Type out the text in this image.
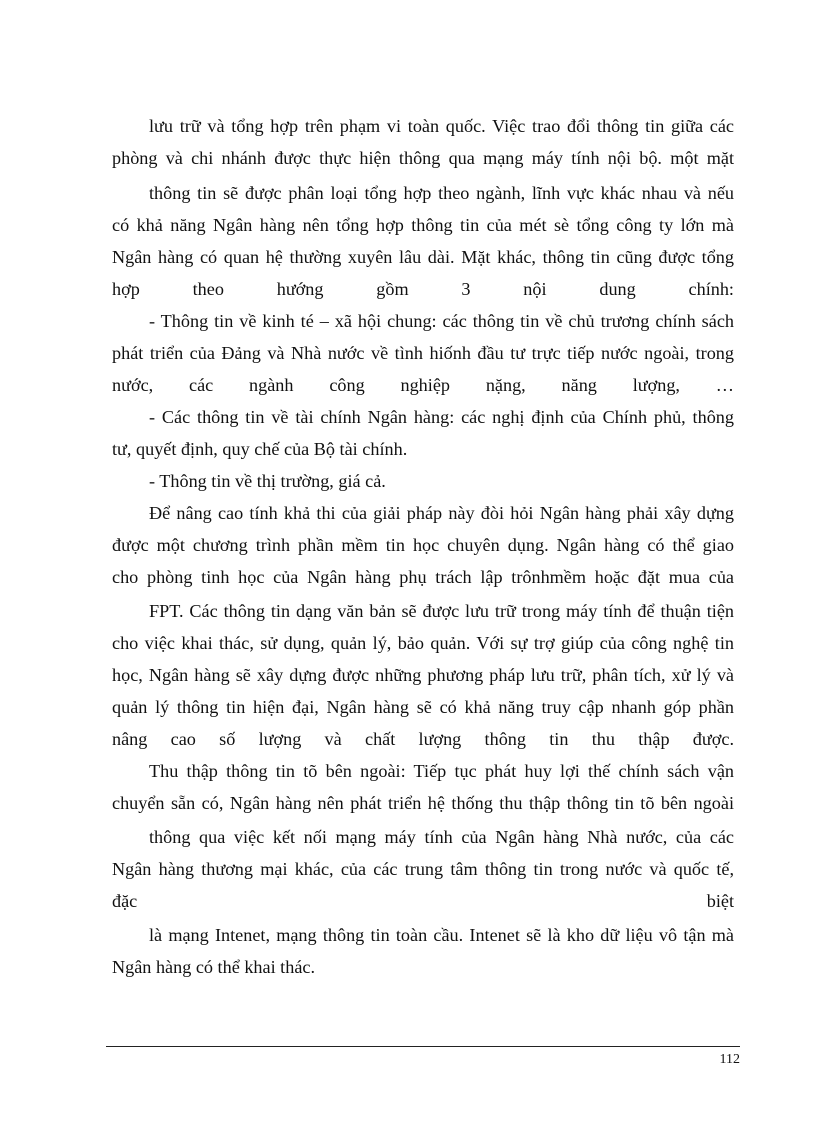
lưu trữ và tổng hợp trên phạm vi toàn quốc. Việc trao đổi thông tin giữa các
phòng và chi nhánh được thực hiện thông qua mạng máy tính nội bộ. một mặt
thông tin sẽ được phân loại tổng hợp theo ngành, lĩnh vực khác nhau và nếu
có khả năng Ngân hàng nên tổng hợp thông tin của mét sè tổng công ty lớn mà
Ngân hàng có quan hệ thường xuyên lâu dài. Mặt khác, thông tin cũng được tổng
hợp theo hướng gồm 3 nội dung chính:
- Thông tin về kinh té – xã hội chung: các thông tin về chủ trương chính sách
phát triển của Đảng và Nhà nước về tình hiốnh đầu tư trực tiếp nước ngoài, trong
nước, các ngành công nghiệp nặng, năng lượng, …
- Các thông tin về tài chính Ngân hàng: các nghị định của Chính phủ, thông
tư, quyết định, quy chế của Bộ tài chính.
- Thông tin về thị trường, giá cả.
Để nâng cao tính khả thi của giải pháp này đòi hỏi Ngân hàng phải xây dựng
được một chương trình phần mềm tin học chuyên dụng. Ngân hàng có thể giao
cho phòng tinh học của Ngân hàng phụ trách lập trônhmềm hoặc đặt mua của
FPT. Các thông tin dạng văn bản sẽ được lưu trữ trong máy tính để thuận tiện
cho việc khai thác, sử dụng, quản lý, bảo quản. Với sự trợ giúp của công nghệ tin
học, Ngân hàng sẽ xây dựng được những phương pháp lưu trữ, phân tích, xử lý và
quản lý thông tin hiện đại, Ngân hàng sẽ có khả năng truy cập nhanh góp phần
nâng cao số lượng và chất lượng thông tin thu thập được.
Thu thập thông tin tõ bên ngoài: Tiếp tục phát huy lợi thế chính sách vận
chuyển sẵn có, Ngân hàng nên phát triển hệ thống thu thập thông tin tõ bên ngoài
thông qua việc kết nối mạng máy tính của Ngân hàng Nhà nước, của các
Ngân hàng thương mại khác, của các trung tâm thông tin trong nước và quốc tế,
đặc biệt
là mạng Intenet, mạng thông tin toàn cầu. Intenet sẽ là kho dữ liệu vô tận mà
Ngân hàng có thể khai thác.
112
